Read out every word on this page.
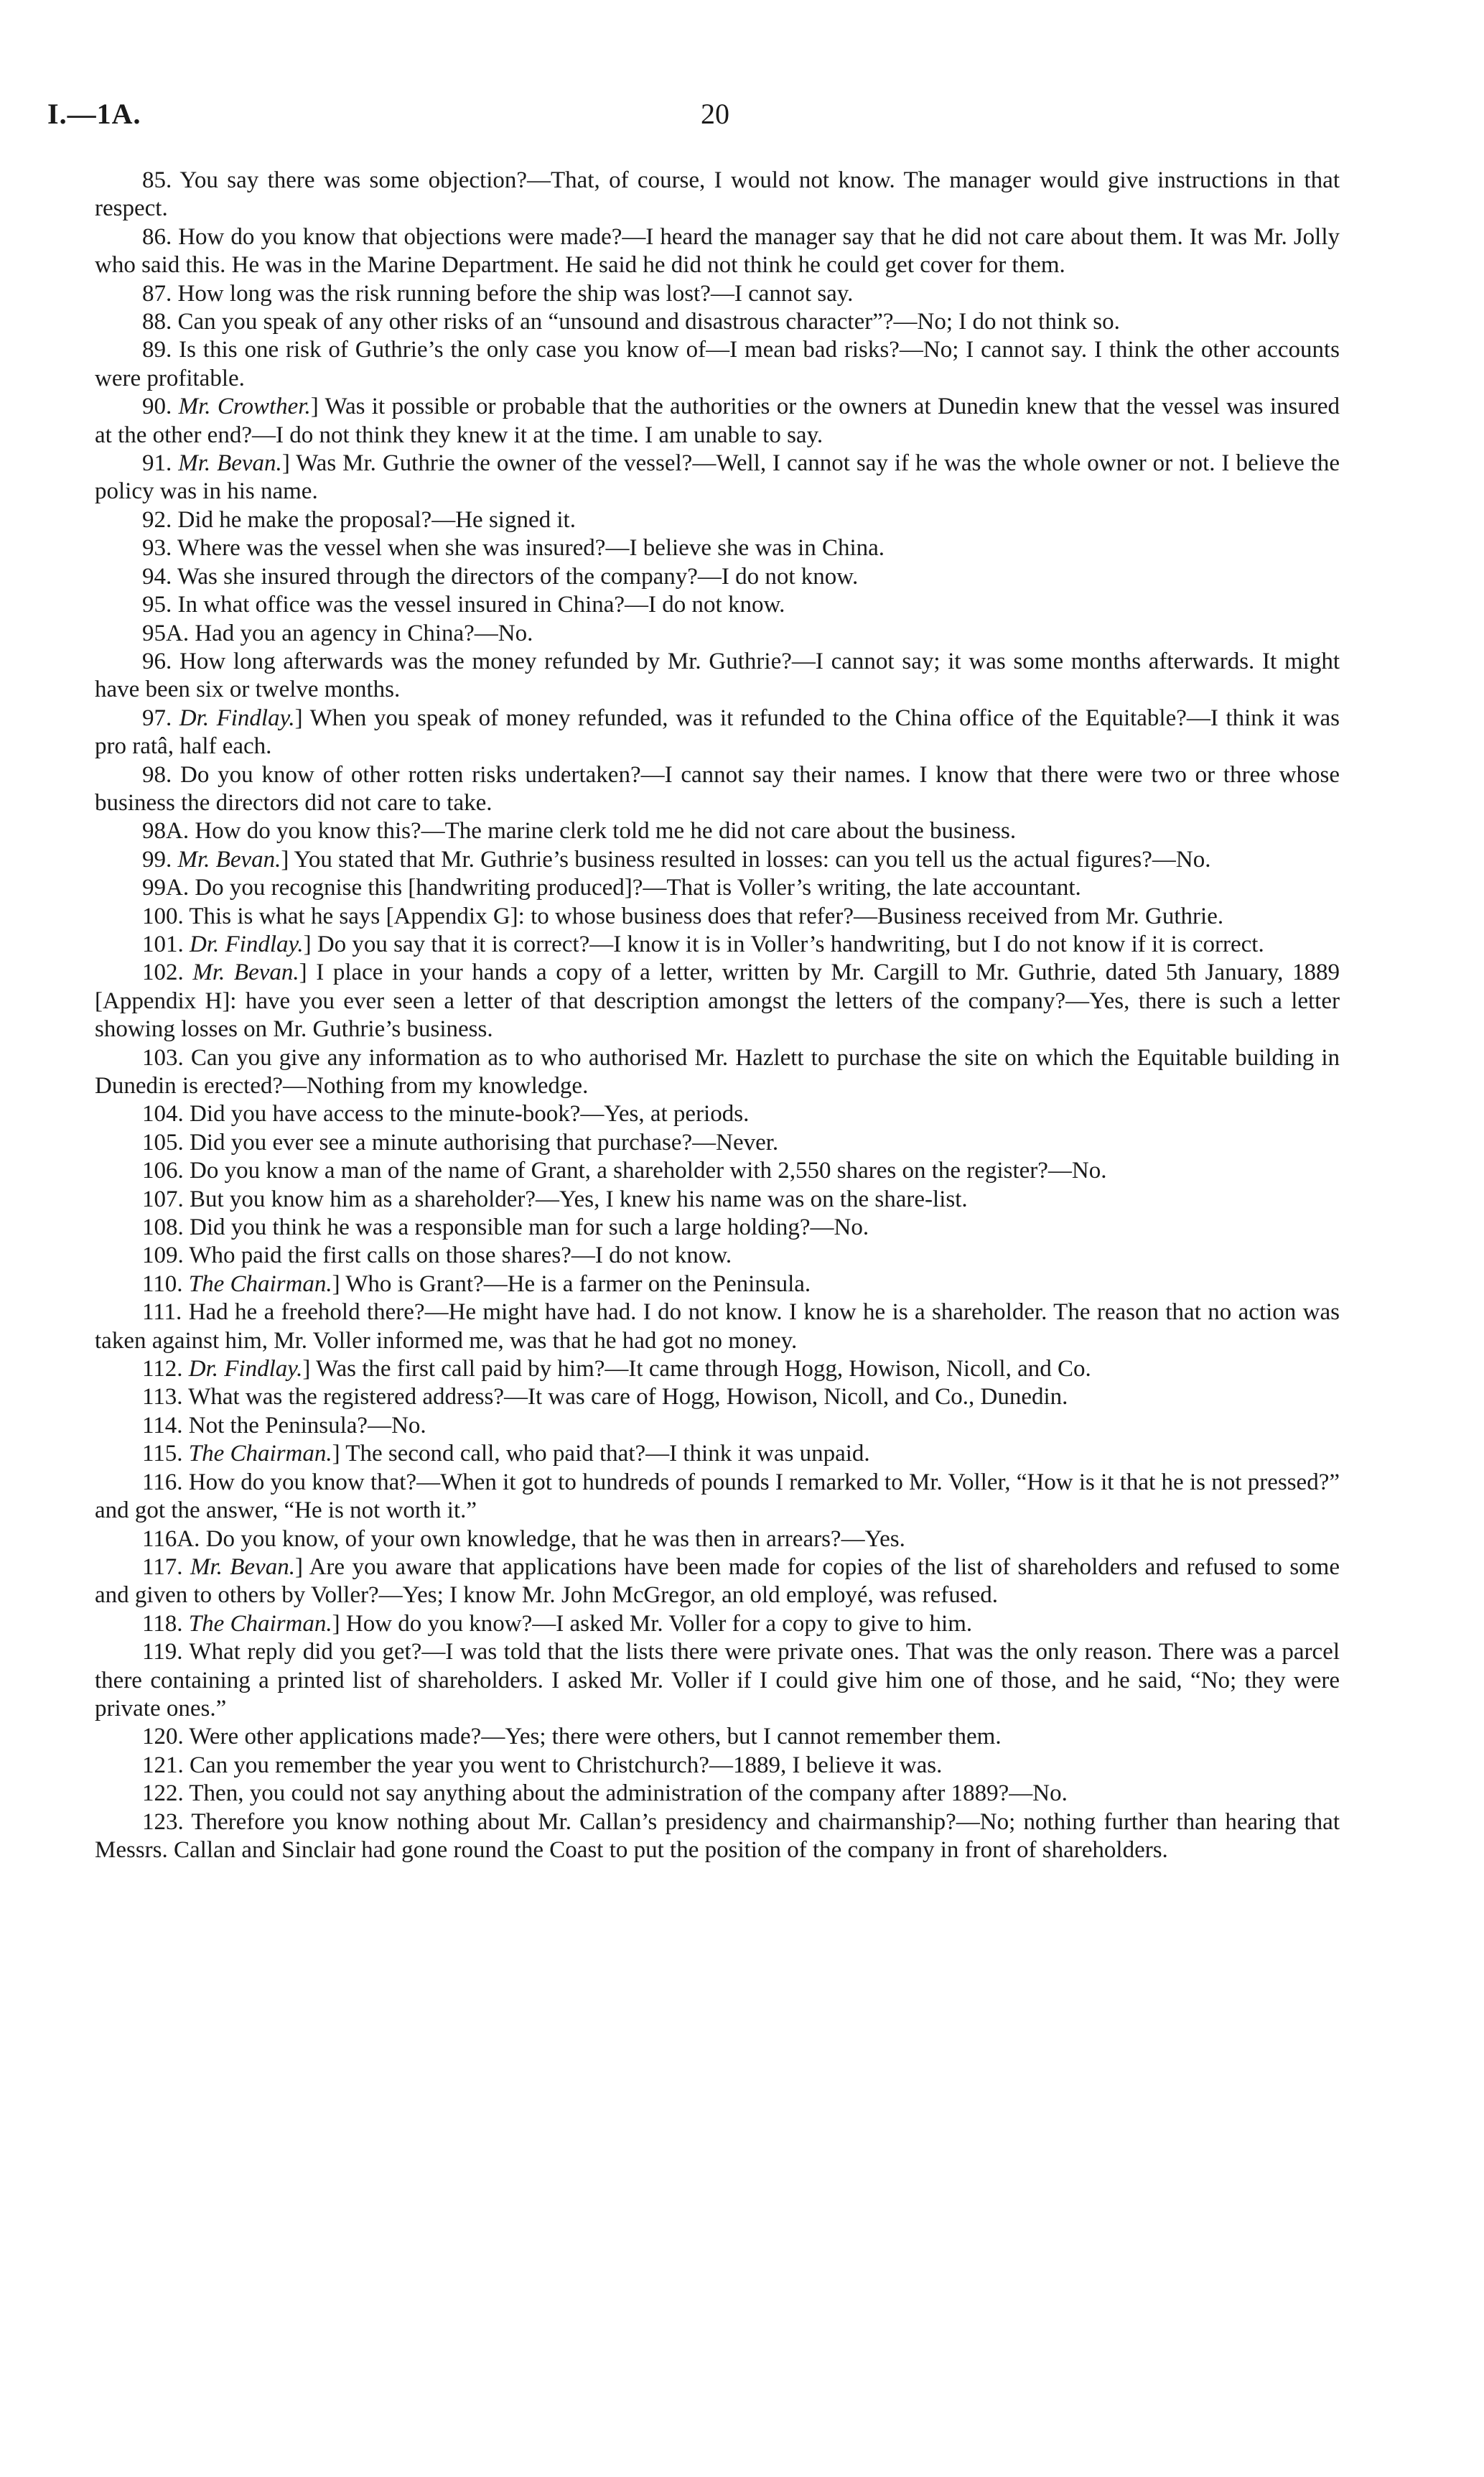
I.—1A.	20

85. You say there was some objection?—That, of course, I would not know. The manager would give instructions in that respect.

86. How do you know that objections were made?—I heard the manager say that he did not care about them. It was Mr. Jolly who said this. He was in the Marine Department. He said he did not think he could get cover for them.

87. How long was the risk running before the ship was lost?—I cannot say.

88. Can you speak of any other risks of an “unsound and disastrous character”?—No; I do not think so.

89. Is this one risk of Guthrie’s the only case you know of—I mean bad risks?—No; I cannot say. I think the other accounts were profitable.

90. Mr. Crowther.] Was it possible or probable that the authorities or the owners at Dunedin knew that the vessel was insured at the other end?—I do not think they knew it at the time. I am unable to say.

91. Mr. Bevan.] Was Mr. Guthrie the owner of the vessel?—Well, I cannot say if he was the whole owner or not. I believe the policy was in his name.

92. Did he make the proposal?—He signed it.

93. Where was the vessel when she was insured?—I believe she was in China.

94. Was she insured through the directors of the company?—I do not know.

95. In what office was the vessel insured in China?—I do not know.

95A. Had you an agency in China?—No.

96. How long afterwards was the money refunded by Mr. Guthrie?—I cannot say; it was some months afterwards. It might have been six or twelve months.

97. Dr. Findlay.] When you speak of money refunded, was it refunded to the China office of the Equitable?—I think it was pro ratâ, half each.

98. Do you know of other rotten risks undertaken?—I cannot say their names. I know that there were two or three whose business the directors did not care to take.

98A. How do you know this?—The marine clerk told me he did not care about the business.

99. Mr. Bevan.] You stated that Mr. Guthrie’s business resulted in losses: can you tell us the actual figures?—No.

99A. Do you recognise this [handwriting produced]?—That is Voller’s writing, the late accountant.

100. This is what he says [Appendix G]: to whose business does that refer?—Business received from Mr. Guthrie.

101. Dr. Findlay.] Do you say that it is correct?—I know it is in Voller’s handwriting, but I do not know if it is correct.

102. Mr. Bevan.] I place in your hands a copy of a letter, written by Mr. Cargill to Mr. Guthrie, dated 5th January, 1889 [Appendix H]: have you ever seen a letter of that description amongst the letters of the company?—Yes, there is such a letter showing losses on Mr. Guthrie’s business.

103. Can you give any information as to who authorised Mr. Hazlett to purchase the site on which the Equitable building in Dunedin is erected?—Nothing from my knowledge.

104. Did you have access to the minute-book?—Yes, at periods.

105. Did you ever see a minute authorising that purchase?—Never.

106. Do you know a man of the name of Grant, a shareholder with 2,550 shares on the register?—No.

107. But you know him as a shareholder?—Yes, I knew his name was on the share-list.

108. Did you think he was a responsible man for such a large holding?—No.

109. Who paid the first calls on those shares?—I do not know.

110. The Chairman.] Who is Grant?—He is a farmer on the Peninsula.

111. Had he a freehold there?—He might have had. I do not know. I know he is a shareholder. The reason that no action was taken against him, Mr. Voller informed me, was that he had got no money.

112. Dr. Findlay.] Was the first call paid by him?—It came through Hogg, Howison, Nicoll, and Co.

113. What was the registered address?—It was care of Hogg, Howison, Nicoll, and Co., Dunedin.

114. Not the Peninsula?—No.

115. The Chairman.] The second call, who paid that?—I think it was unpaid.

116. How do you know that?—When it got to hundreds of pounds I remarked to Mr. Voller, “How is it that he is not pressed?” and got the answer, “He is not worth it.”

116A. Do you know, of your own knowledge, that he was then in arrears?—Yes.

117. Mr. Bevan.] Are you aware that applications have been made for copies of the list of shareholders and refused to some and given to others by Voller?—Yes; I know Mr. John McGregor, an old employé, was refused.

118. The Chairman.] How do you know?—I asked Mr. Voller for a copy to give to him.

119. What reply did you get?—I was told that the lists there were private ones. That was the only reason. There was a parcel there containing a printed list of shareholders. I asked Mr. Voller if I could give him one of those, and he said, “No; they were private ones.”

120. Were other applications made?—Yes; there were others, but I cannot remember them.

121. Can you remember the year you went to Christchurch?—1889, I believe it was.

122. Then, you could not say anything about the administration of the company after 1889?—No.

123. Therefore you know nothing about Mr. Callan’s presidency and chairmanship?—No; nothing further than hearing that Messrs. Callan and Sinclair had gone round the Coast to put the position of the company in front of shareholders.
